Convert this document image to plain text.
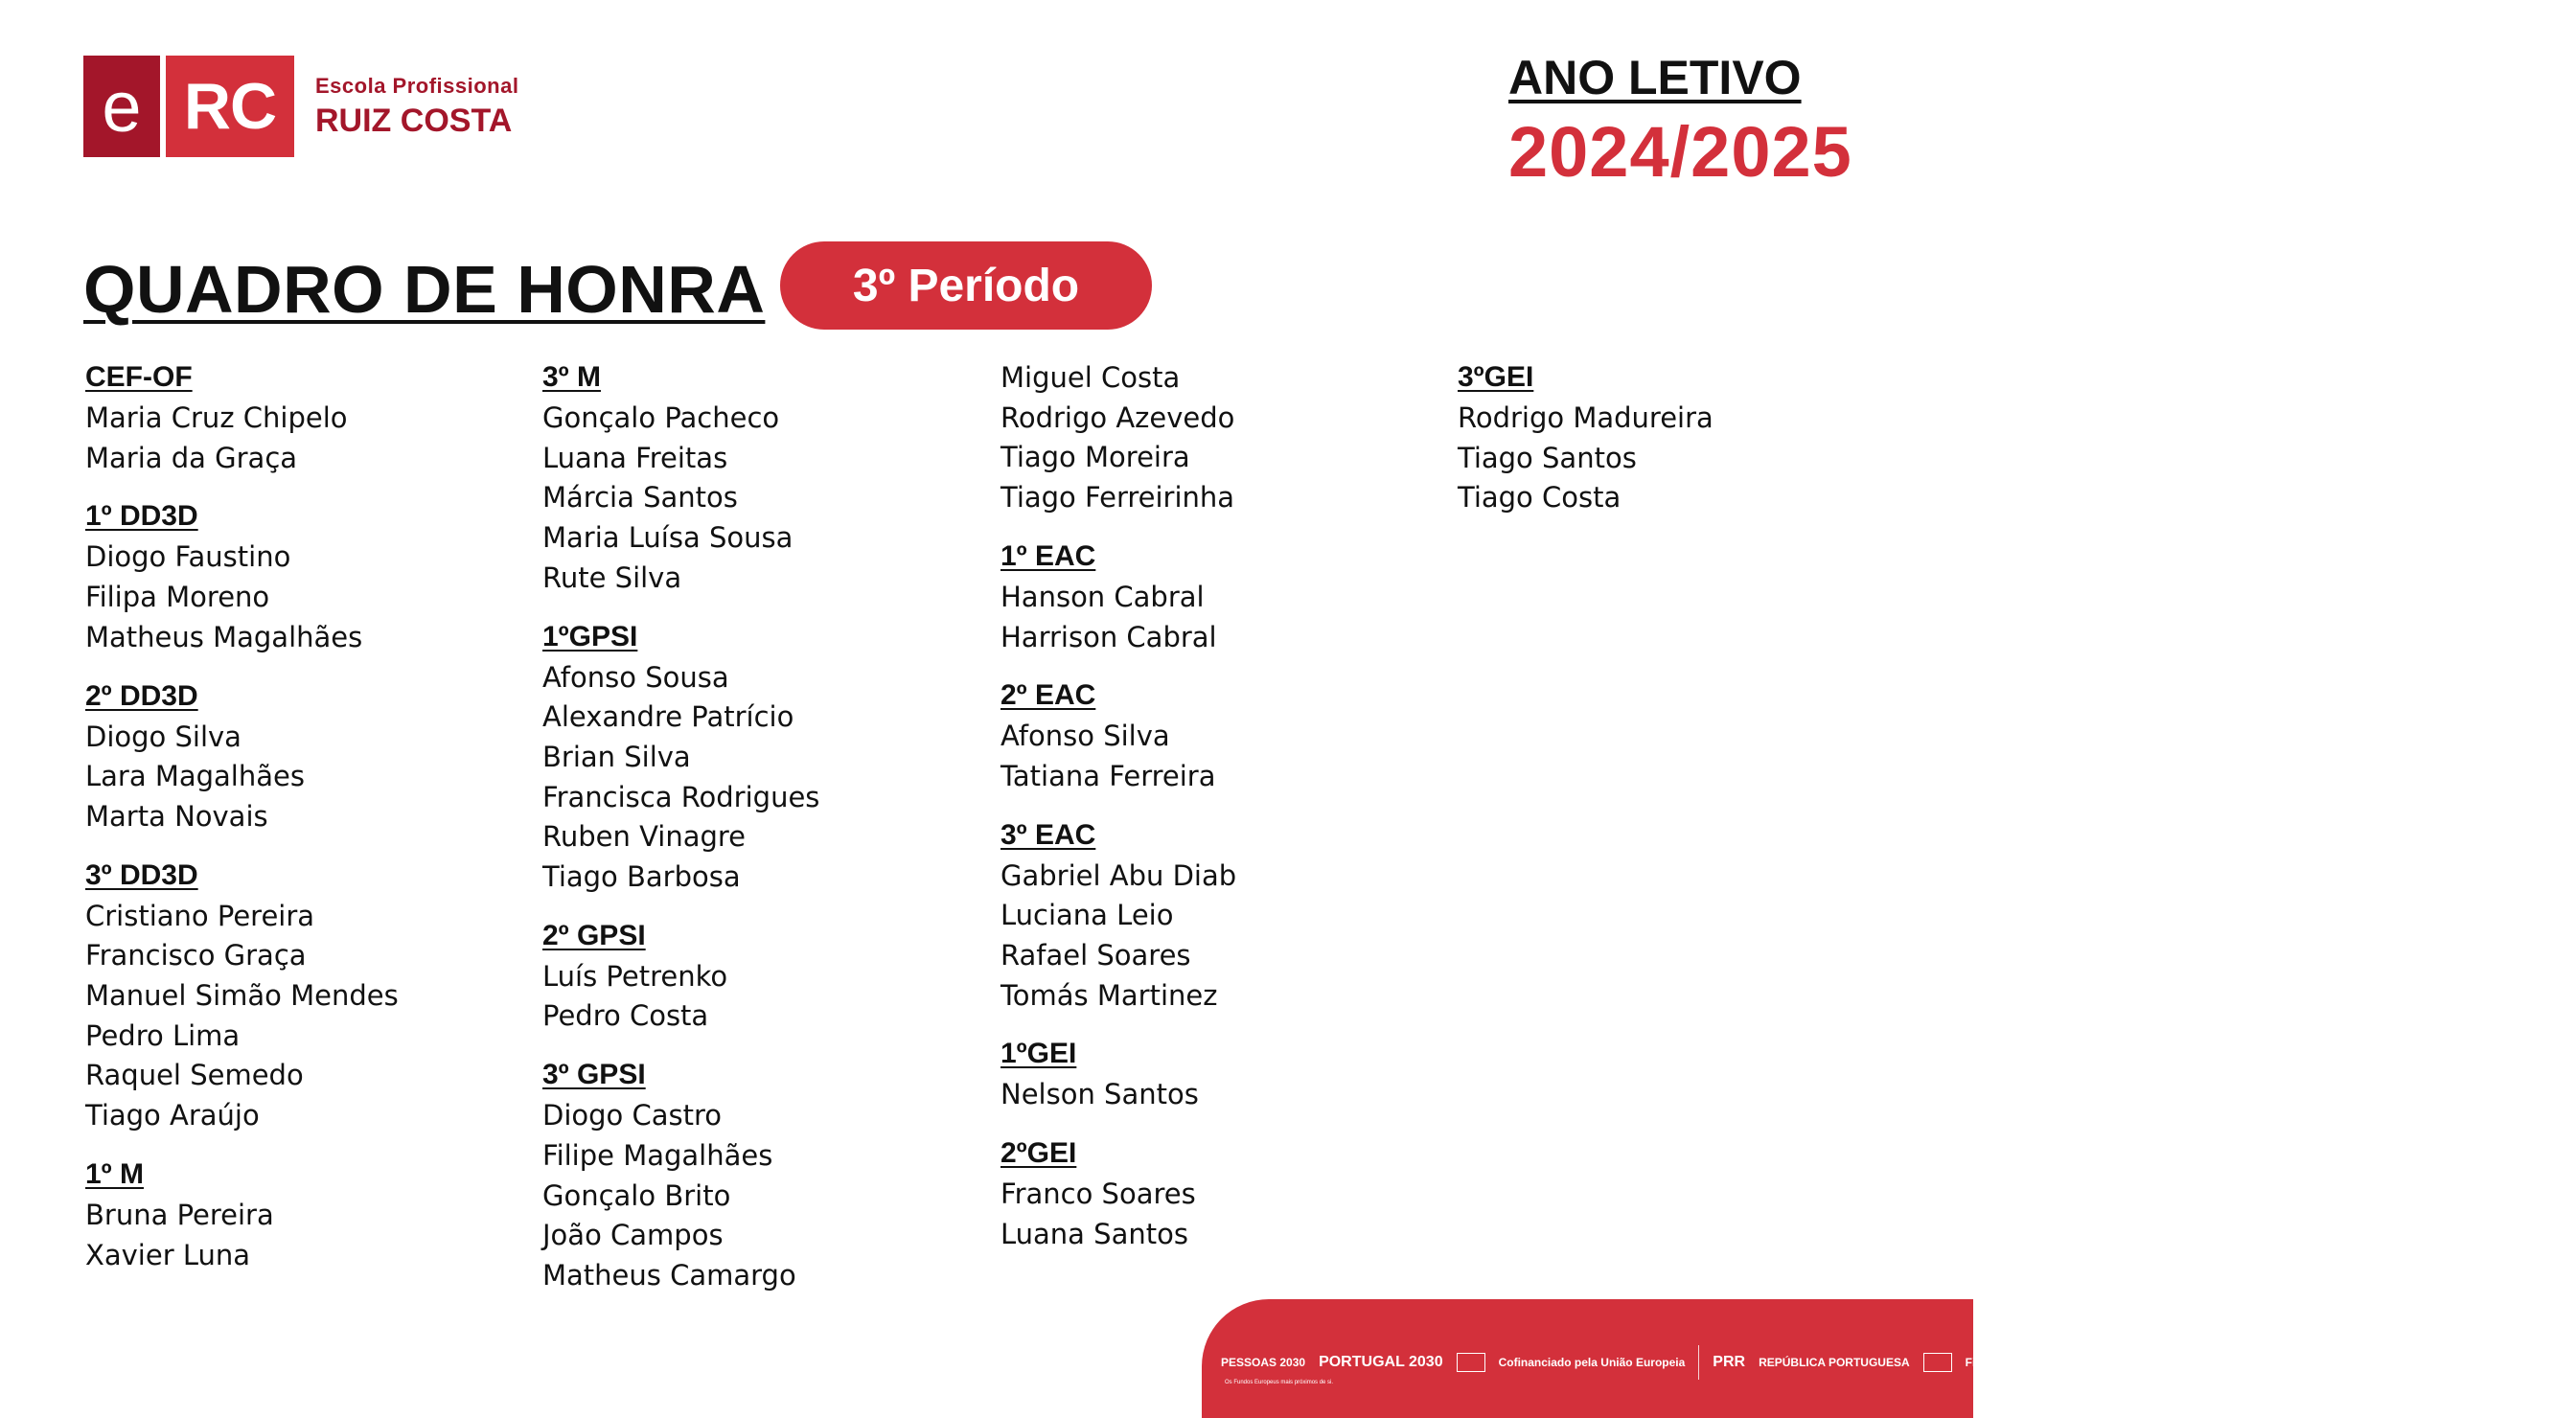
e RC	Escola Profissional
RUIZ COSTA
ANO LETIVO
2024/2025
QUADRO DE HONRA	3º Período
CEF-OF
Maria Cruz Chipelo
Maria da Graça
1º DD3D
Diogo Faustino
Filipa Moreno
Matheus Magalhães
2º DD3D
Diogo Silva
Lara Magalhães
Marta Novais
3º DD3D
Cristiano Pereira
Francisco Graça
Manuel Simão Mendes
Pedro Lima
Raquel Semedo
Tiago Araújo
1º M
Bruna Pereira
Xavier Luna
3º M
Gonçalo Pacheco
Luana Freitas
Márcia Santos
Maria Luísa Sousa
Rute Silva
1ºGPSI
Afonso Sousa
Alexandre Patrício
Brian Silva
Francisca Rodrigues
Ruben Vinagre
Tiago Barbosa
2º GPSI
Luís Petrenko
Pedro Costa
3º GPSI
Diogo Castro
Filipe Magalhães
Gonçalo Brito
João Campos
Matheus Camargo
Miguel Costa
Rodrigo Azevedo
Tiago Moreira
Tiago Ferreirinha
1º EAC
Hanson Cabral
Harrison Cabral
2º EAC
Afonso Silva
Tatiana Ferreira
3º EAC
Gabriel Abu Diab
Luciana Leio
Rafael Soares
Tomás Martinez
1ºGEI
Nelson Santos
2ºGEI
Franco Soares
Luana Santos
3ºGEI
Rodrigo Madureira
Tiago Santos
Tiago Costa
PESSOAS 2030 PORTUGAL 2030	Cofinanciado pela União Europeia PRR REPÚBLICA PORTUGUESA	Financiado pela União Europeia NextGenerationEU ALGARVE aluno_21 Rumos Knowledge sharing
Os Fundos Europeus mais próximos de si.
